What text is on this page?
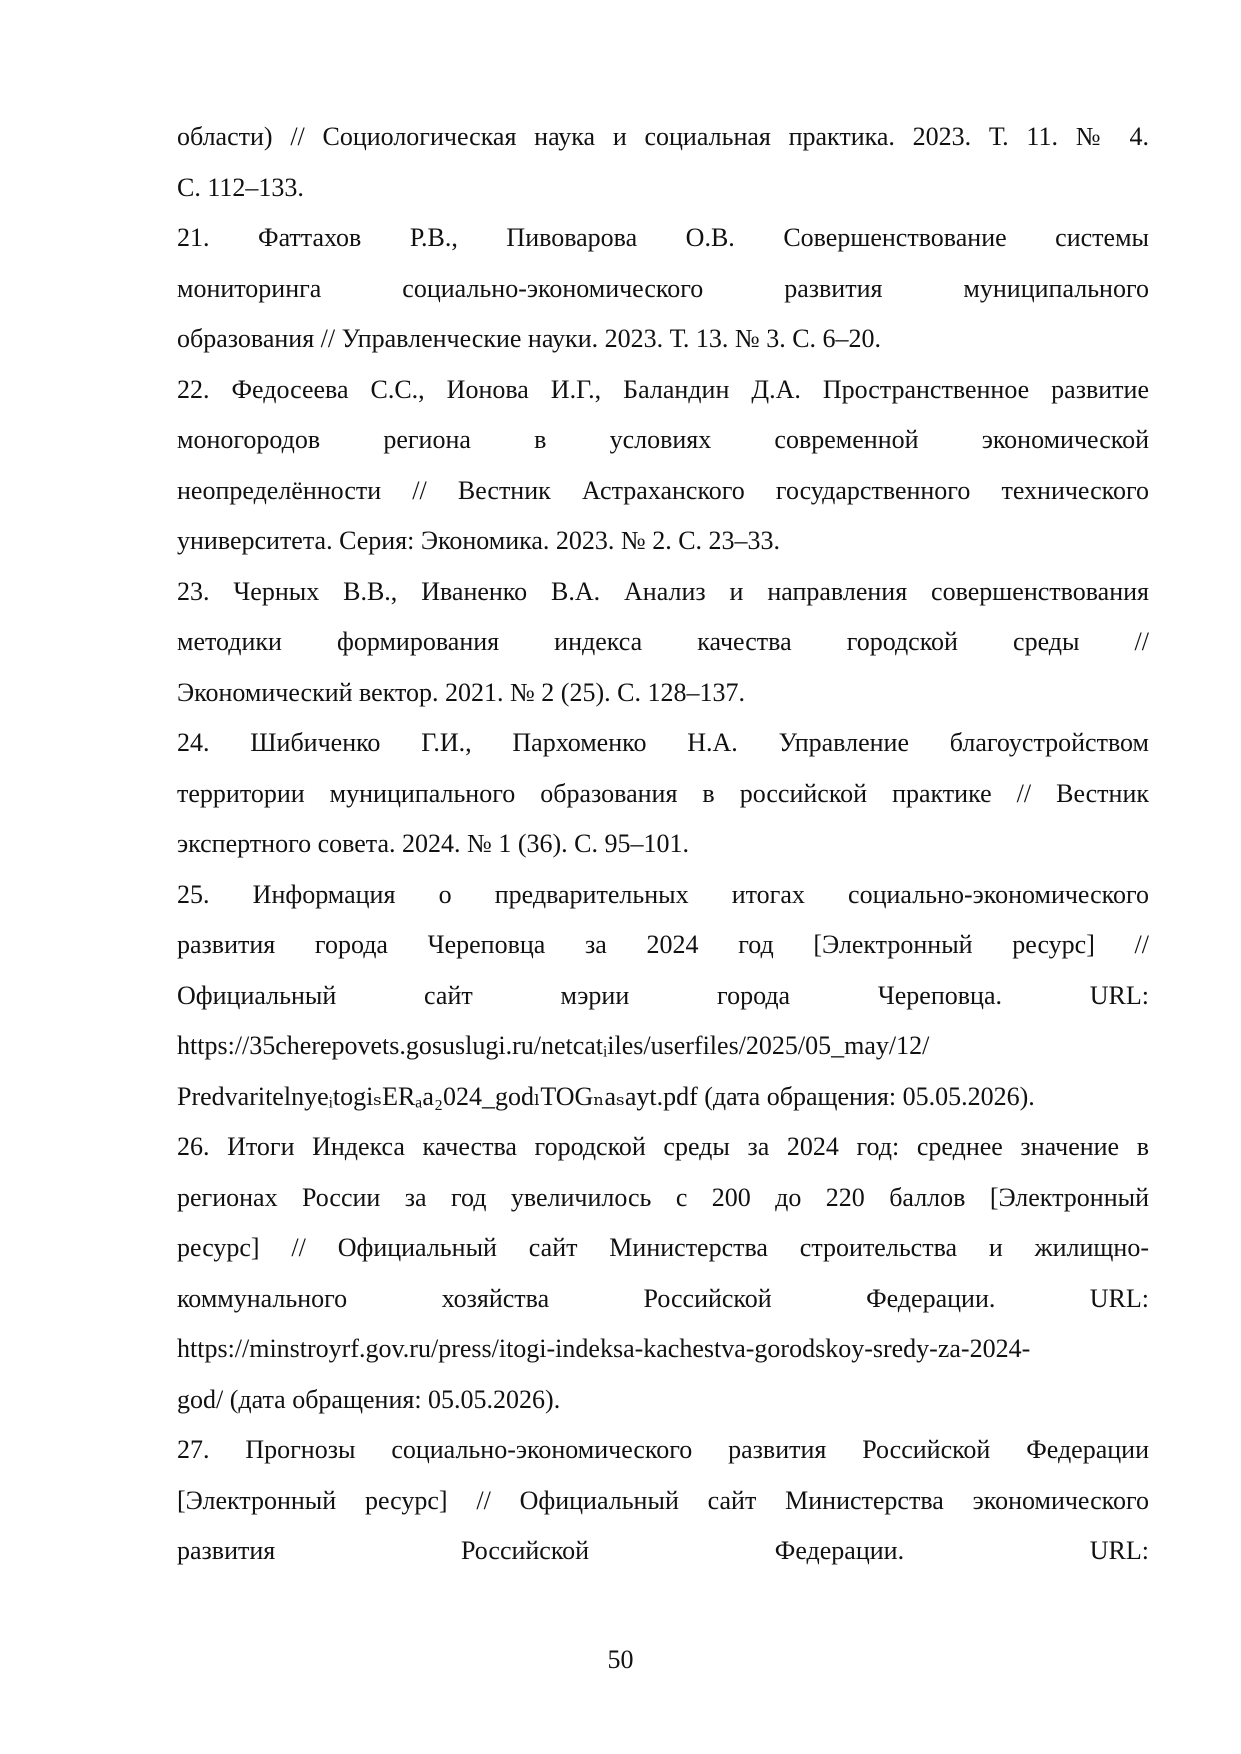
области) // Социологическая наука и социальная практика. 2023. Т. 11. № 4.
С. 112–133.
21. Фаттахов Р.В., Пивоварова О.В. Совершенствование системы
мониторинга социально-экономического развития муниципального
образования // Управленческие науки. 2023. Т. 13. № 3. С. 6–20.
22. Федосеева С.С., Ионова И.Г., Баландин Д.А. Пространственное развитие
моногородов региона в условиях современной экономической
неопределённости // Вестник Астраханского государственного технического
университета. Серия: Экономика. 2023. № 2. С. 23–33.
23. Черных В.В., Иваненко В.А. Анализ и направления совершенствования
методики формирования индекса качества городской среды //
Экономический вектор. 2021. № 2 (25). С. 128–137.
24. Шибиченко Г.И., Пархоменко Н.А. Управление благоустройством
территории муниципального образования в российской практике // Вестник
экспертного совета. 2024. № 1 (36). С. 95–101.
25. Информация о предварительных итогах социально-экономического
развития города Череповца за 2024 год [Электронный ресурс] //
Официальный сайт мэрии города Череповца. URL:
https://35cherepovets.gosuslugi.ru/netcatᵢiles/userfiles/2025/05_may/12/
PredvaritelnyeᵢtogiₛERₐa₂024_godₗTOGₙaₛayt.pdf (дата обращения: 05.05.2026).
26. Итоги Индекса качества городской среды за 2024 год: среднее значение в
регионах России за год увеличилось с 200 до 220 баллов [Электронный
ресурс] // Официальный сайт Министерства строительства и жилищно-
коммунального хозяйства Российской Федерации. URL:
https://minstroyrf.gov.ru/press/itogi-indeksa-kachestva-gorodskoy-sredy-za-2024-
god/ (дата обращения: 05.05.2026).
27. Прогнозы социально-экономического развития Российской Федерации
[Электронный ресурс] // Официальный сайт Министерства экономического
развития Российской Федерации. URL:
50
